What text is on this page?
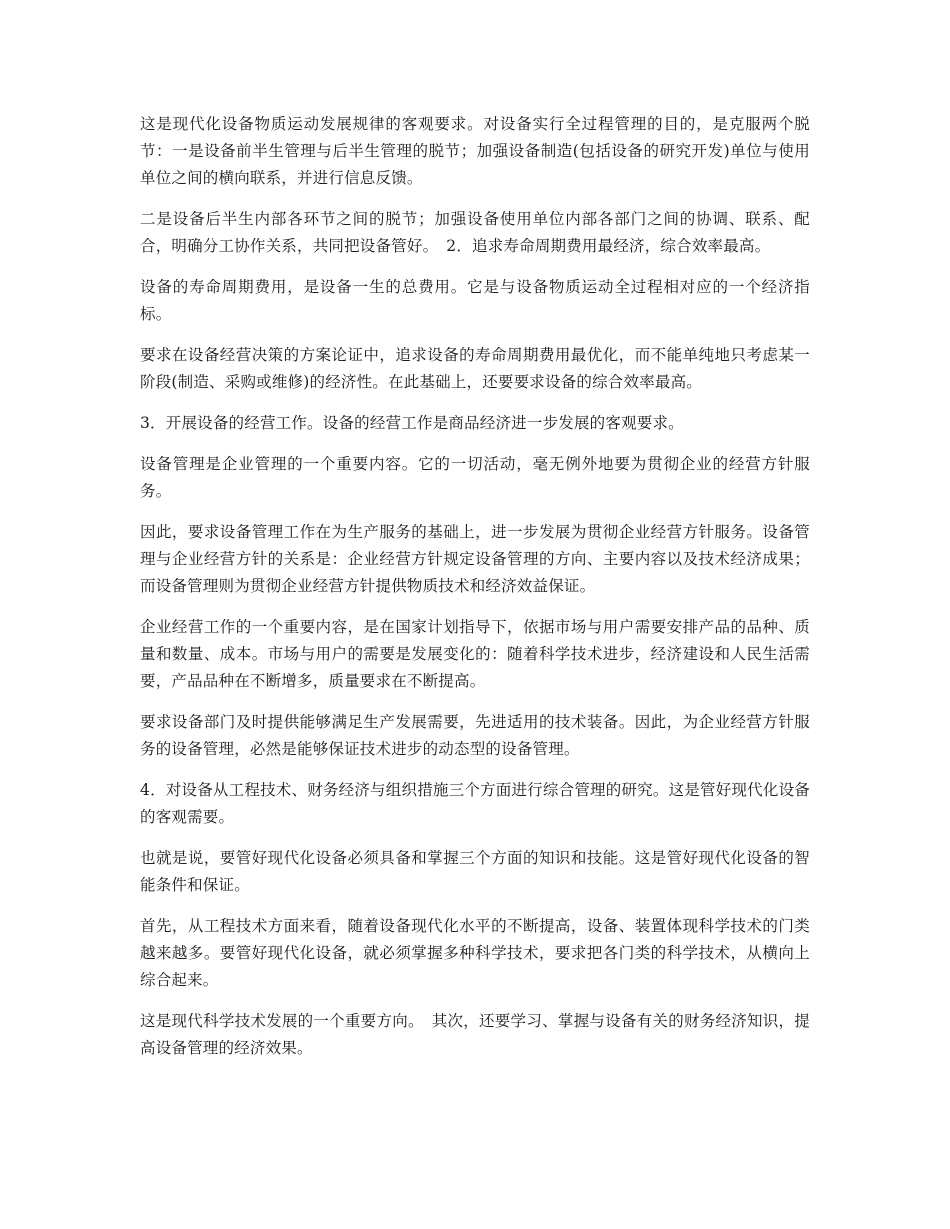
这是现代化设备物质运动发展规律的客观要求。对设备实行全过程管理的目的，是克服两个脱节：一是设备前半生管理与后半生管理的脱节；加强设备制造(包括设备的研究开发)单位与使用单位之间的横向联系，并进行信息反馈。

二是设备后半生内部各环节之间的脱节；加强设备使用单位内部各部门之间的协调、联系、配合，明确分工协作关系，共同把设备管好。　2．追求寿命周期费用最经济，综合效率最高。

设备的寿命周期费用，是设备一生的总费用。它是与设备物质运动全过程相对应的一个经济指标。

要求在设备经营决策的方案论证中，追求设备的寿命周期费用最优化，而不能单纯地只考虑某一阶段(制造、采购或维修)的经济性。在此基础上，还要要求设备的综合效率最高。

3．开展设备的经营工作。设备的经营工作是商品经济进一步发展的客观要求。

设备管理是企业管理的一个重要内容。它的一切活动，毫无例外地要为贯彻企业的经营方针服务。

因此，要求设备管理工作在为生产服务的基础上，进一步发展为贯彻企业经营方针服务。设备管理与企业经营方针的关系是：企业经营方针规定设备管理的方向、主要内容以及技术经济成果；而设备管理则为贯彻企业经营方针提供物质技术和经济效益保证。

企业经营工作的一个重要内容，是在国家计划指导下，依据市场与用户需要安排产品的品种、质量和数量、成本。市场与用户的需要是发展变化的：随着科学技术进步，经济建设和人民生活需要，产品品种在不断增多，质量要求在不断提高。

要求设备部门及时提供能够满足生产发展需要，先进适用的技术装备。因此，为企业经营方针服务的设备管理，必然是能够保证技术进步的动态型的设备管理。

4．对设备从工程技术、财务经济与组织措施三个方面进行综合管理的研究。这是管好现代化设备的客观需要。

也就是说，要管好现代化设备必须具备和掌握三个方面的知识和技能。这是管好现代化设备的智能条件和保证。

首先，从工程技术方面来看，随着设备现代化水平的不断提高，设备、装置体现科学技术的门类越来越多。要管好现代化设备，就必须掌握多种科学技术，要求把各门类的科学技术，从横向上综合起来。

这是现代科学技术发展的一个重要方向。　其次，还要学习、掌握与设备有关的财务经济知识，提高设备管理的经济效果。
